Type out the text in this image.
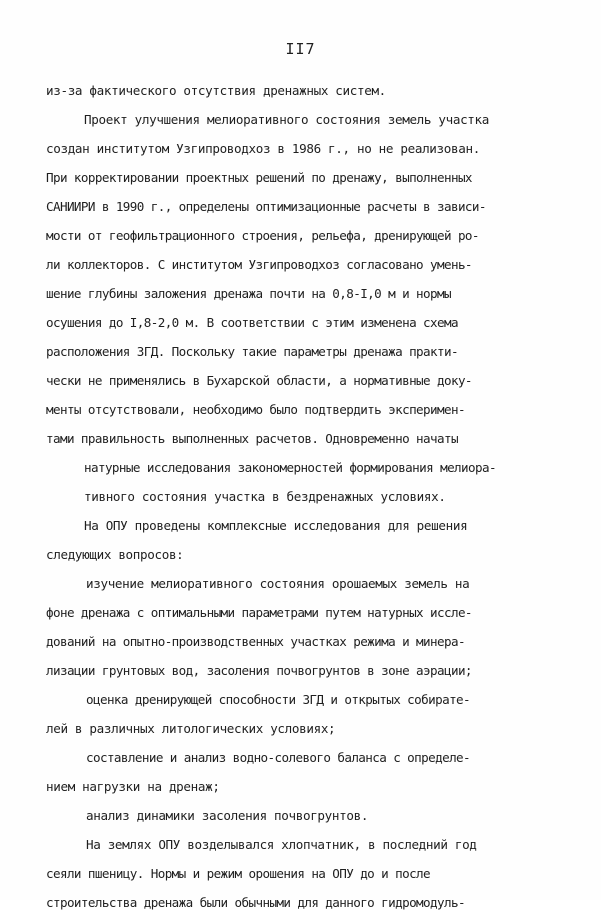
II7
из-за фактического отсутствия дренажных систем.
Проект улучшения мелиоративного состояния земель участка
создан институтом Узгипроводхоз в 1986 г., но не реализован.
При корректировании проектных решений по дренажу, выполненных
САНИИРИ в 1990 г., определены оптимизационные расчеты в зависи-
мости от геофильтрационного строения, рельефа, дренирующей ро-
ли коллекторов. С институтом Узгипроводхоз согласовано умень-
шение глубины заложения дренажа почти на 0,8-I,0 м и нормы
осушения до I,8-2,0 м. В соответствии с этим изменена схема
расположения ЗГД. Поскольку такие параметры дренажа практи-
чески не применялись в Бухарской области, а нормативные доку-
менты отсутствовали, необходимо было подтвердить эксперимен-
тами правильность выполненных расчетов. Одновременно начаты
натурные исследования закономерностей формирования мелиора-
тивного состояния участка в бездренажных условиях.
На ОПУ проведены комплексные исследования для решения
следующих вопросов:
изучение мелиоративного состояния орошаемых земель на
фоне дренажа с оптимальными параметрами путем натурных иссле-
дований на опытно-производственных участках режима и минера-
лизации грунтовых вод, засоления почвогрунтов в зоне аэрации;
оценка дренирующей способности ЗГД и открытых собирате-
лей в различных литологических условиях;
составление и анализ водно-солевого баланса с определе-
нием нагрузки на дренаж;
анализ динамики засоления почвогрунтов.
На землях ОПУ возделывался хлопчатник, в последний год
сеяли пшеницу. Нормы и режим орошения на ОПУ до и после
строительства дренажа были обычными для данного гидромодуль-
